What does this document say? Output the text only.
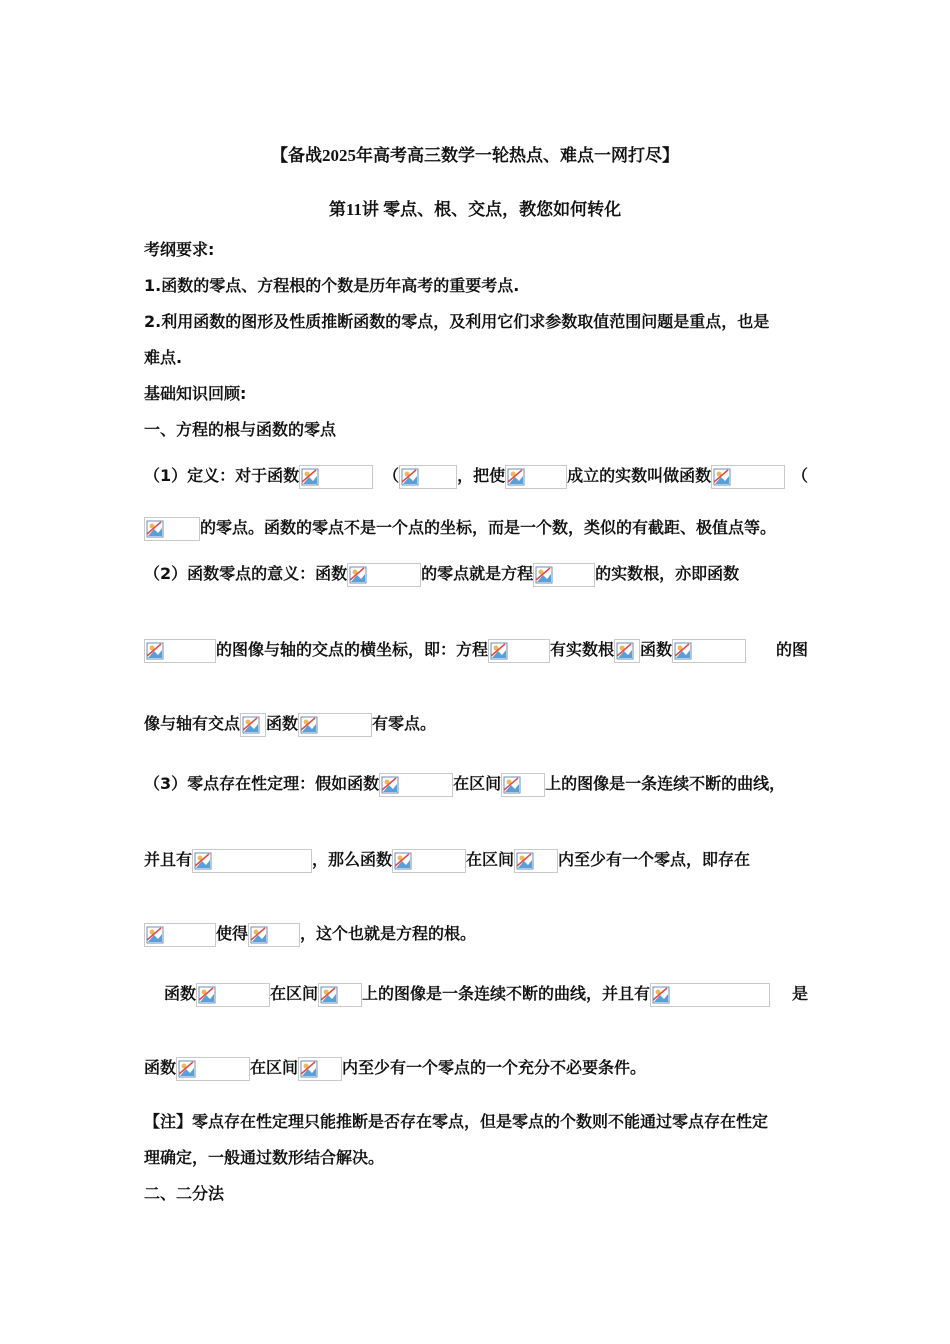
【备战2025年高考高三数学一轮热点、难点一网打尽】
第11讲 零点、根、交点，教您如何转化
考纲要求:
1.函数的零点、方程根的个数是历年高考的重要考点.
2.利用函数的图形及性质推断函数的零点，及利用它们求参数取值范围问题是重点，也是
难点.
基础知识回顾:
一、方程的根与函数的零点
（1）定义：对于函数	（	，把使	成立的实数叫做函数	（
的零点。函数的零点不是一个点的坐标，而是一个数，类似的有截距、极值点等。
（2）函数零点的意义：函数	的零点就是方程	的实数根，亦即函数
的图像与轴的交点的横坐标，即：方程	有实数根 函数	的图
像与轴有交点 函数	有零点。
（3）零点存在性定理：假如函数	在区间	上的图像是一条连续不断的曲线，
并且有	，那么函数	在区间	内至少有一个零点，即存在
使得	，这个也就是方程的根。
函数	在区间	上的图像是一条连续不断的曲线，并且有	是
函数	在区间	内至少有一个零点的一个充分不必要条件。
【注】零点存在性定理只能推断是否存在零点，但是零点的个数则不能通过零点存在性定
理确定，一般通过数形结合解决。
二、二分法
